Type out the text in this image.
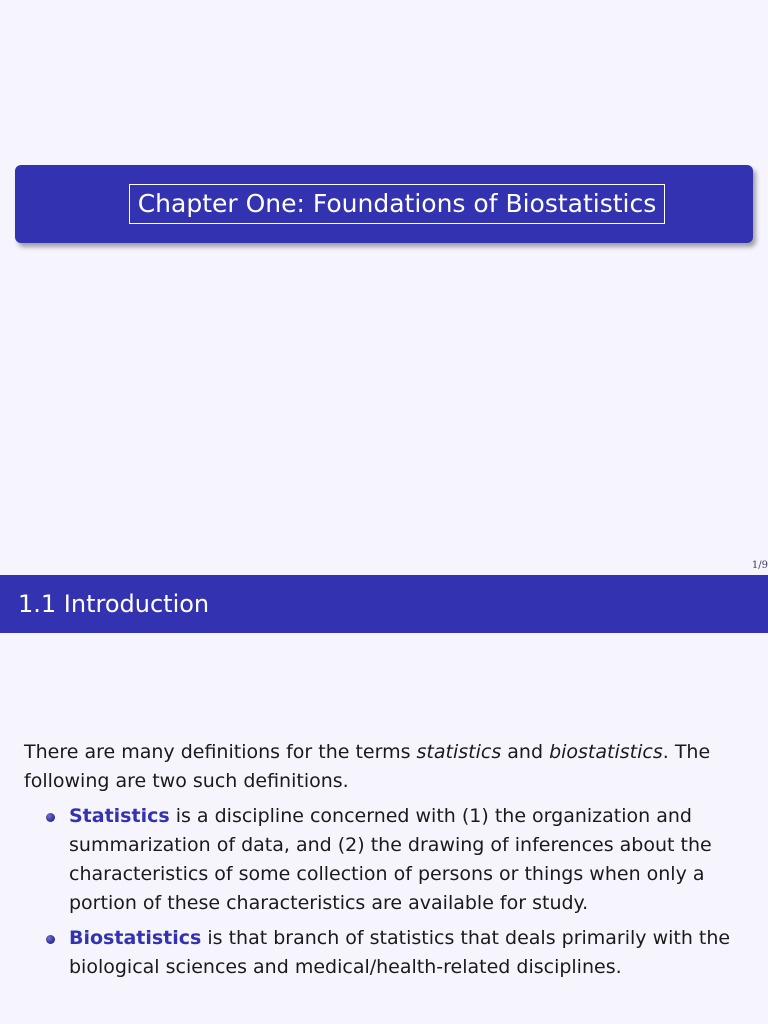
Chapter One: Foundations of Biostatistics
1/9
1.1 Introduction

There are many definitions for the terms statistics and biostatistics. The following are two such definitions.

Statistics is a discipline concerned with (1) the organization and summarization of data, and (2) the drawing of inferences about the characteristics of some collection of persons or things when only a portion of these characteristics are available for study.
Biostatistics is that branch of statistics that deals primarily with the biological sciences and medical/health-related disciplines.
